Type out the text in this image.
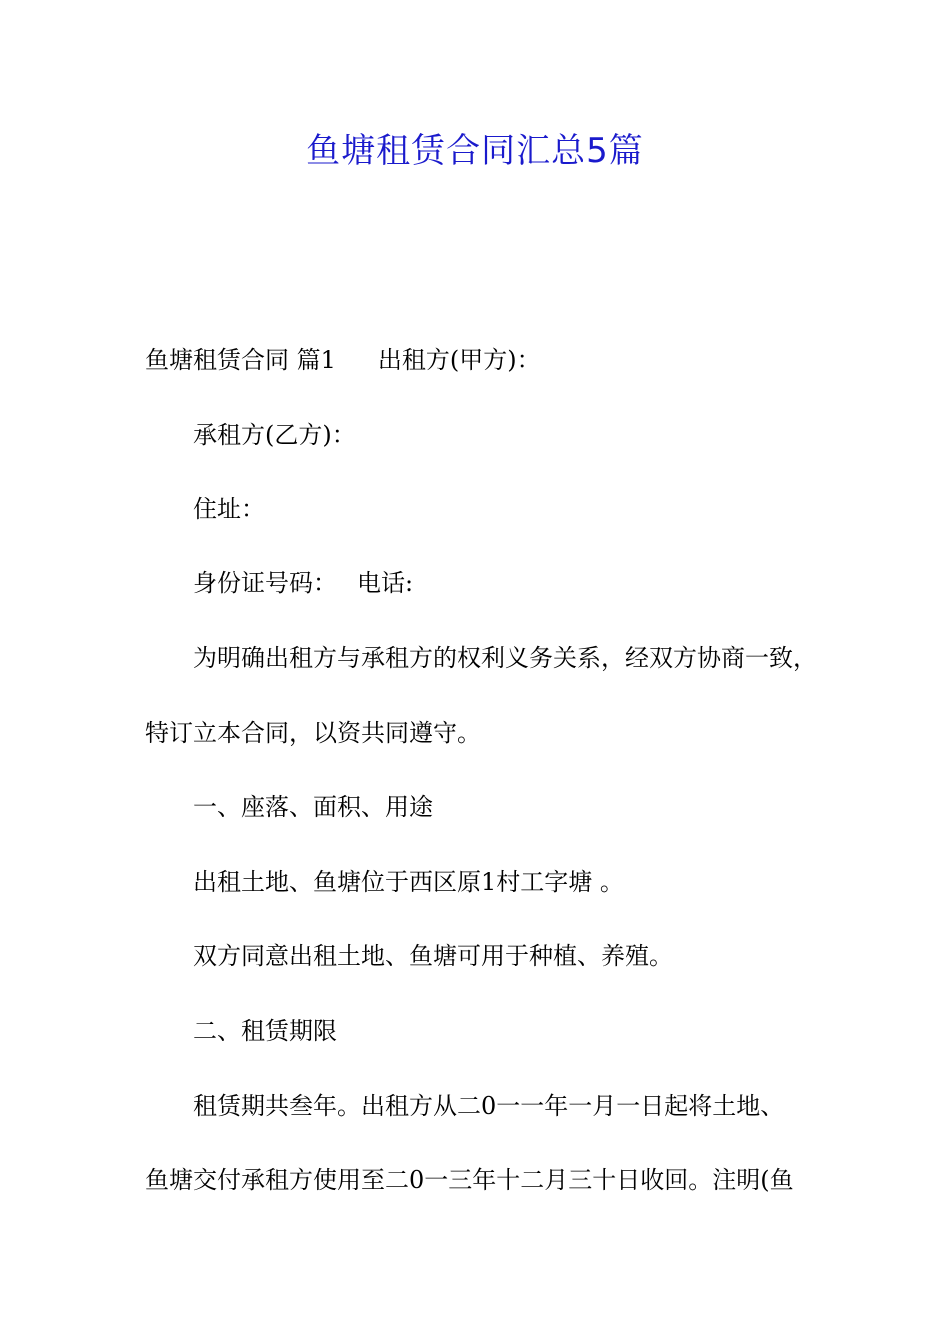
鱼塘租赁合同汇总5篇

鱼塘租赁合同 篇1 出租方(甲方)：

承租方(乙方)：

住址：

身份证号码： 电话:

为明确出租方与承租方的权利义务关系，经双方协商一致，

特订立本合同，以资共同遵守。

一、座落、面积、用途

出租土地、鱼塘位于西区原1村工字塘 。

双方同意出租土地、鱼塘可用于种植、养殖。

二、租赁期限

租赁期共叁年。出租方从二0一一年一月一日起将土地、

鱼塘交付承租方使用至二0一三年十二月三十日收回。注明(鱼
